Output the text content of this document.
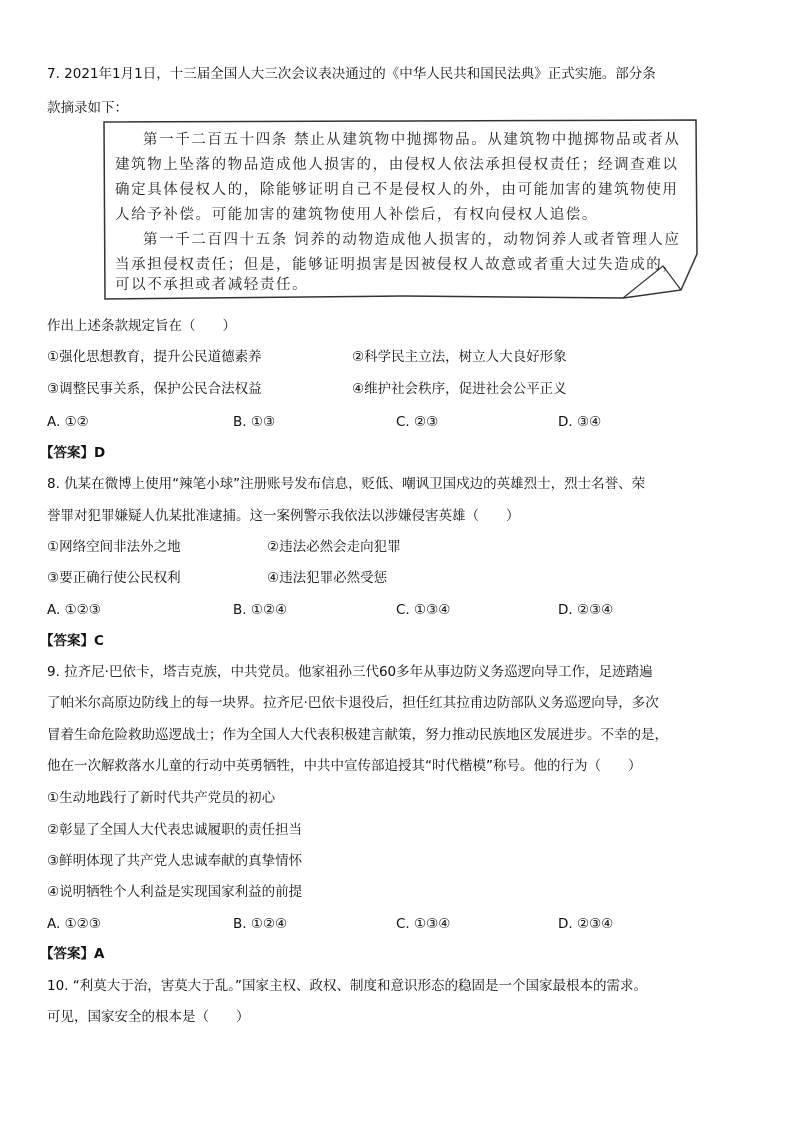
7. 2021年1月1日，十三届全国人大三次会议表决通过的《中华人民共和国民法典》正式实施。部分条
款摘录如下：
第一千二百五十四条 禁止从建筑物中抛掷物品。从建筑物中抛掷物品或者从
建筑物上坠落的物品造成他人损害的，由侵权人依法承担侵权责任；经调查难以
确定具体侵权人的，除能够证明自己不是侵权人的外，由可能加害的建筑物使用
人给予补偿。可能加害的建筑物使用人补偿后，有权向侵权人追偿。
第一千二百四十五条 饲养的动物造成他人损害的，动物饲养人或者管理人应
当承担侵权责任；但是，能够证明损害是因被侵权人故意或者重大过失造成的，
可以不承担或者减轻责任。
作出上述条款规定旨在（　　）
①强化思想教育，提升公民道德素养	②科学民主立法，树立人大良好形象
③调整民事关系，保护公民合法权益	④维护社会秩序，促进社会公平正义
A. ①②	B. ①③	C. ②③	D. ③④
【答案】D
8. 仇某在微博上使用“辣笔小球”注册账号发布信息，贬低、嘲讽卫国戍边的英雄烈士，烈士名誉、荣
誉罪对犯罪嫌疑人仇某批准逮捕。这一案例警示我依法以涉嫌侵害英雄（　　）
①网络空间非法外之地	②违法必然会走向犯罪
③要正确行使公民权利	④违法犯罪必然受惩
A. ①②③	B. ①②④	C. ①③④	D. ②③④
【答案】C
9. 拉齐尼·巴依卡，塔吉克族，中共党员。他家祖孙三代60多年从事边防义务巡逻向导工作，足迹踏遍
了帕米尔高原边防线上的每一块界。拉齐尼·巴依卡退役后，担任红其拉甫边防部队义务巡逻向导，多次
冒着生命危险救助巡逻战士；作为全国人大代表积极建言献策，努力推动民族地区发展进步。不幸的是，
他在一次解救落水儿童的行动中英勇牺牲，中共中宣传部追授其“时代楷模”称号。他的行为（　　）
①生动地践行了新时代共产党员的初心
②彰显了全国人大代表忠诚履职的责任担当
③鲜明体现了共产党人忠诚奉献的真挚情怀
④说明牺牲个人利益是实现国家利益的前提
A. ①②③	B. ①②④	C. ①③④	D. ②③④
【答案】A
10. “利莫大于治，害莫大于乱。”国家主权、政权、制度和意识形态的稳固是一个国家最根本的需求。
可见，国家安全的根本是（　　）
